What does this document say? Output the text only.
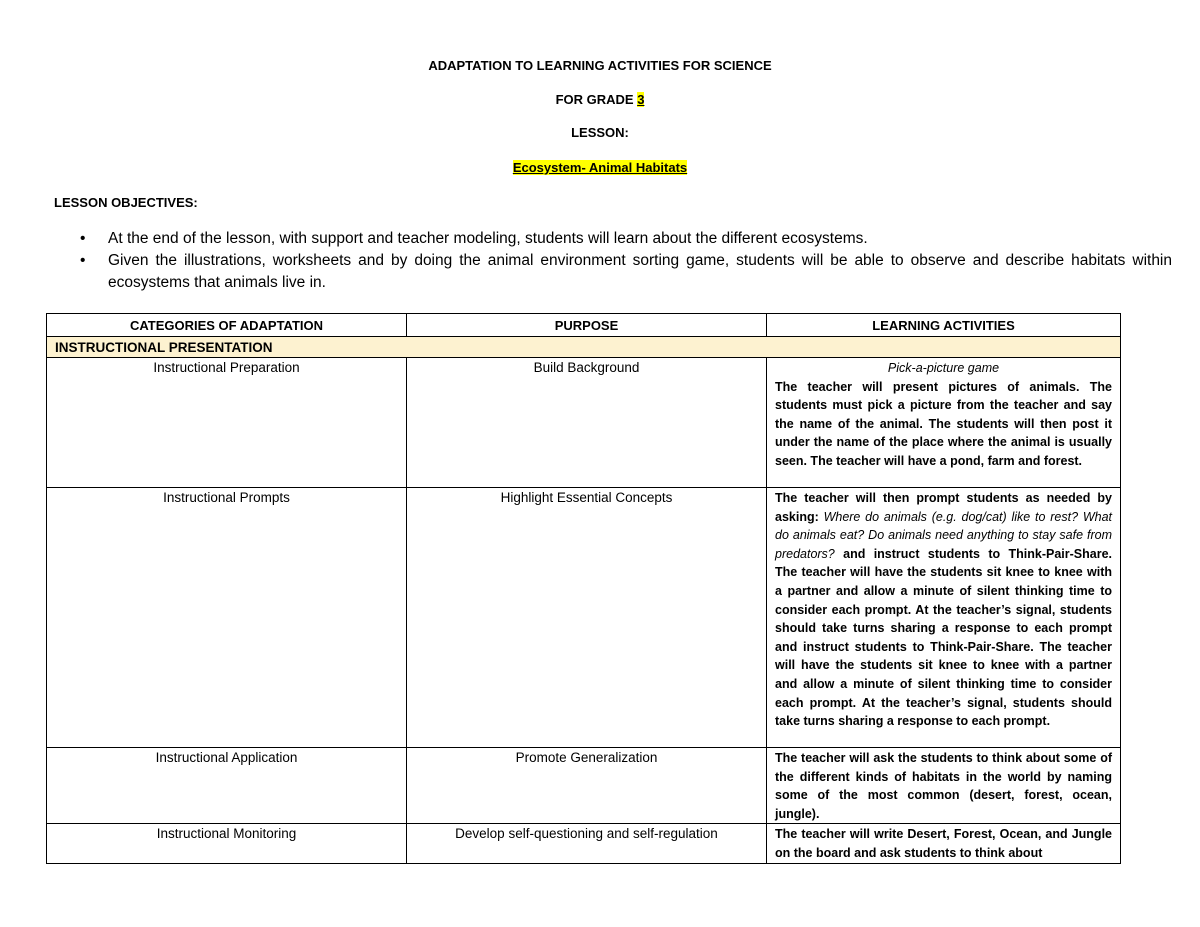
ADAPTATION TO LEARNING ACTIVITIES FOR SCIENCE
FOR GRADE 3
LESSON:
Ecosystem- Animal Habitats
LESSON OBJECTIVES:
• At the end of the lesson, with support and teacher modeling, students will learn about the different ecosystems.
• Given the illustrations, worksheets and by doing the animal environment sorting game, students will be able to observe and describe habitats within ecosystems that animals live in.
CATEGORIES OF ADAPTATION	PURPOSE	LEARNING ACTIVITIES
INSTRUCTIONAL PRESENTATION		
Instructional Preparation	Build Background	Pick-a-picture game
The teacher will present pictures of animals. The students must pick a picture from the teacher and say the name of the animal. The students will then post it under the name of the place where the animal is usually seen. The teacher will have a pond, farm and forest.
Instructional Prompts	Highlight Essential Concepts	The teacher will then prompt students as needed by asking: Where do animals (e.g. dog/cat) like to rest? What do animals eat? Do animals need anything to stay safe from predators? and instruct students to Think-Pair-Share. The teacher will have the students sit knee to knee with a partner and allow a minute of silent thinking time to consider each prompt. At the teacher’s signal, students should take turns sharing a response to each prompt and instruct students to Think-Pair-Share. The teacher will have the students sit knee to knee with a partner and allow a minute of silent thinking time to consider each prompt. At the teacher’s signal, students should take turns sharing a response to each prompt.
Instructional Application	Promote Generalization	The teacher will ask the students to think about some of the different kinds of habitats in the world by naming some of the most common (desert, forest, ocean, jungle).
Instructional Monitoring	Develop self-questioning and self-regulation	The teacher will write Desert, Forest, Ocean, and Jungle on the board and ask students to think about
